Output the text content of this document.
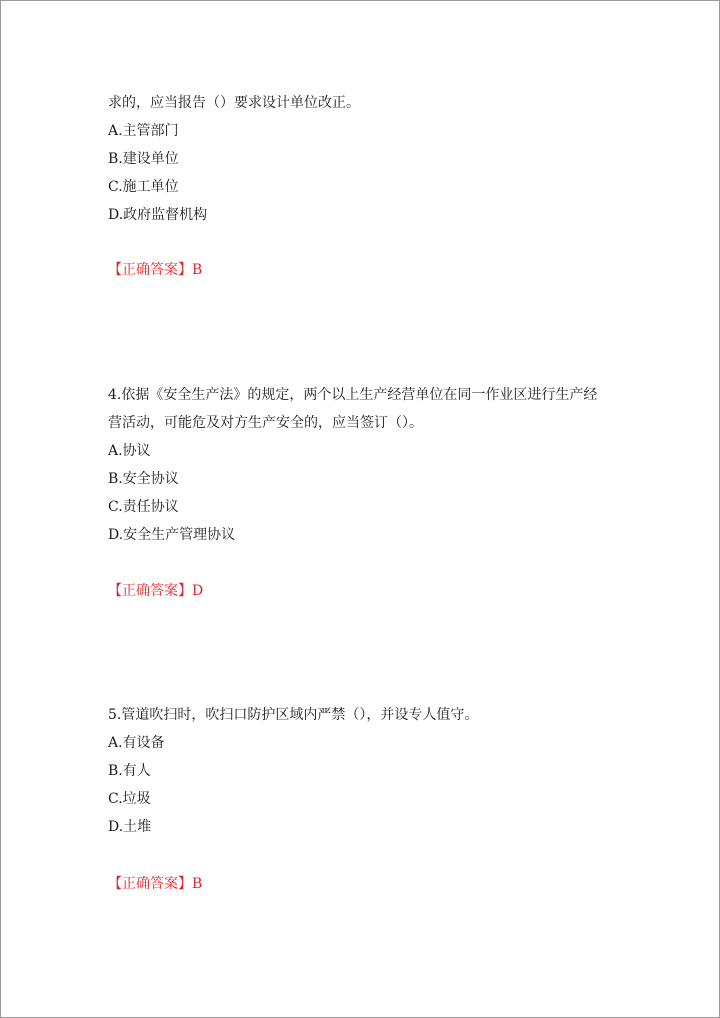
求的，应当报告（）要求设计单位改正。
A.主管部门
B.建设单位
C.施工单位
D.政府监督机构
【正确答案】B
4.依据《安全生产法》的规定，两个以上生产经营单位在同一作业区进行生产经
营活动，可能危及对方生产安全的，应当签订（）。
A.协议
B.安全协议
C.责任协议
D.安全生产管理协议
【正确答案】D
5.管道吹扫时，吹扫口防护区域内严禁（），并设专人值守。
A.有设备
B.有人
C.垃圾
D.土堆
【正确答案】B
